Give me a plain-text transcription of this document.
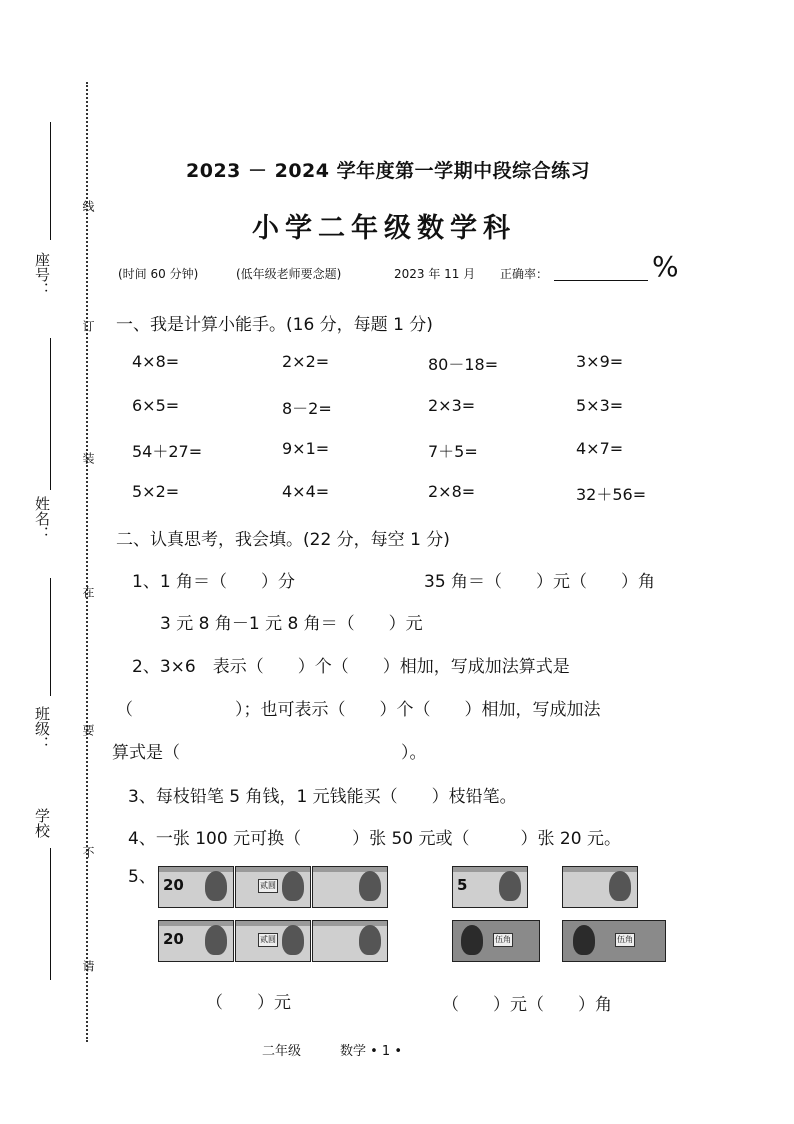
座号：
姓名：
班级：
学校
线
订
装
在
要
不
请
2023 － 2024 学年度第一学期中段综合练习
小学二年级数学科
(时间 60 分钟)	(低年级老师要念题)	2023 年 11 月 正确率：	%
一、我是计算小能手。(16 分，每题 1 分)
4×8=	2×2=	80－18=	3×9=
6×5=	8－2=	2×3=	5×3=
54＋27=	9×1=	7＋5=	4×7=
5×2=	4×4=	2×8=	32＋56=
二、认真思考，我会填。(22 分，每空 1 分)
1、1 角＝（　　）分	35 角＝（　　）元（　　）角
3 元 8 角－1 元 8 角＝（　　）元
2、3×6　表示（　　）个（　　）相加，写成加法算式是
（　　　　　　）；也可表示（　　）个（　　）相加，写成加法
算式是（　　　　　　　　　　　　　）。
3、每枝铅笔 5 角钱，1 元钱能买（　　）枝铅笔。
4、一张 100 元可换（　　　）张 50 元或（　　　）张 20 元。
5、 20	贰圆
20	贰圆
5
伍角	伍角
（　　）元	（　　）元（　　）角
二年级	数学 • 1 •
